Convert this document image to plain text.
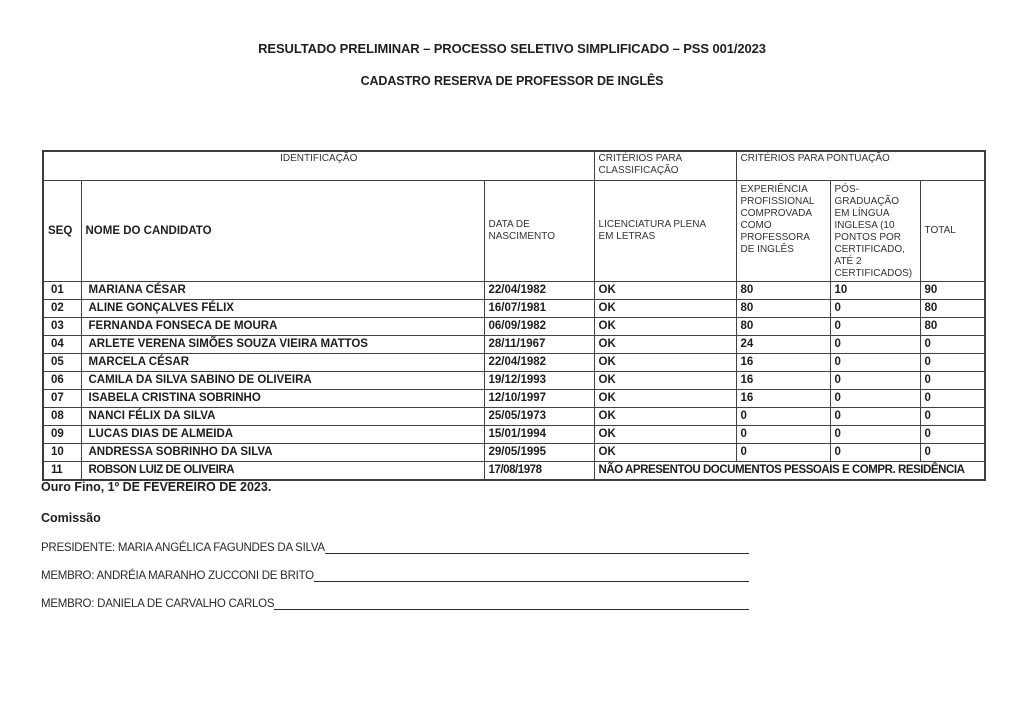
RESULTADO PRELIMINAR – PROCESSO SELETIVO SIMPLIFICADO – PSS 001/2023
CADASTRO RESERVA DE PROFESSOR DE INGLÊS
IDENTIFICAÇÃO			CRITÉRIOS PARA CLASSIFICAÇÃO	CRITÉRIOS PARA PONTUAÇÃO		
SEQ	NOME DO CANDIDATO	DATA DE NASCIMENTO	LICENCIATURA PLENA EM LETRAS	EXPERIÊNCIA PROFISSIONAL COMPROVADA COMO PROFESSORA DE INGLÊS	PÓS-GRADUAÇÃO EM LÍNGUA INGLESA (10 PONTOS POR CERTIFICADO, ATÉ 2 CERTIFICADOS)	TOTAL
01	MARIANA CÉSAR	22/04/1982	OK	80	10	90
02	ALINE GONÇALVES FÉLIX	16/07/1981	OK	80	0	80
03	FERNANDA FONSECA DE MOURA	06/09/1982	OK	80	0	80
04	ARLETE VERENA SIMÕES SOUZA VIEIRA MATTOS	28/11/1967	OK	24	0	0
05	MARCELA CÉSAR	22/04/1982	OK	16	0	0
06	CAMILA DA SILVA SABINO DE OLIVEIRA	19/12/1993	OK	16	0	0
07	ISABELA CRISTINA SOBRINHO	12/10/1997	OK	16	0	0
08	NANCI FÉLIX DA SILVA	25/05/1973	OK	0	0	0
09	LUCAS DIAS DE ALMEIDA	15/01/1994	OK	0	0	0
10	ANDRESSA SOBRINHO DA SILVA	29/05/1995	OK	0	0	0
11	ROBSON LUIZ DE OLIVEIRA	17/08/1978	NÃO APRESENTOU DOCUMENTOS PESSOAIS E COMPR. RESIDÊNCIA			
Ouro Fino, 1º DE FEVEREIRO DE 2023.
Comissão
PRESIDENTE: MARIA ANGÉLICA FAGUNDES DA SILVA
MEMBRO: ANDRÉIA MARANHO ZUCCONI DE BRITO
MEMBRO: DANIELA DE CARVALHO CARLOS
